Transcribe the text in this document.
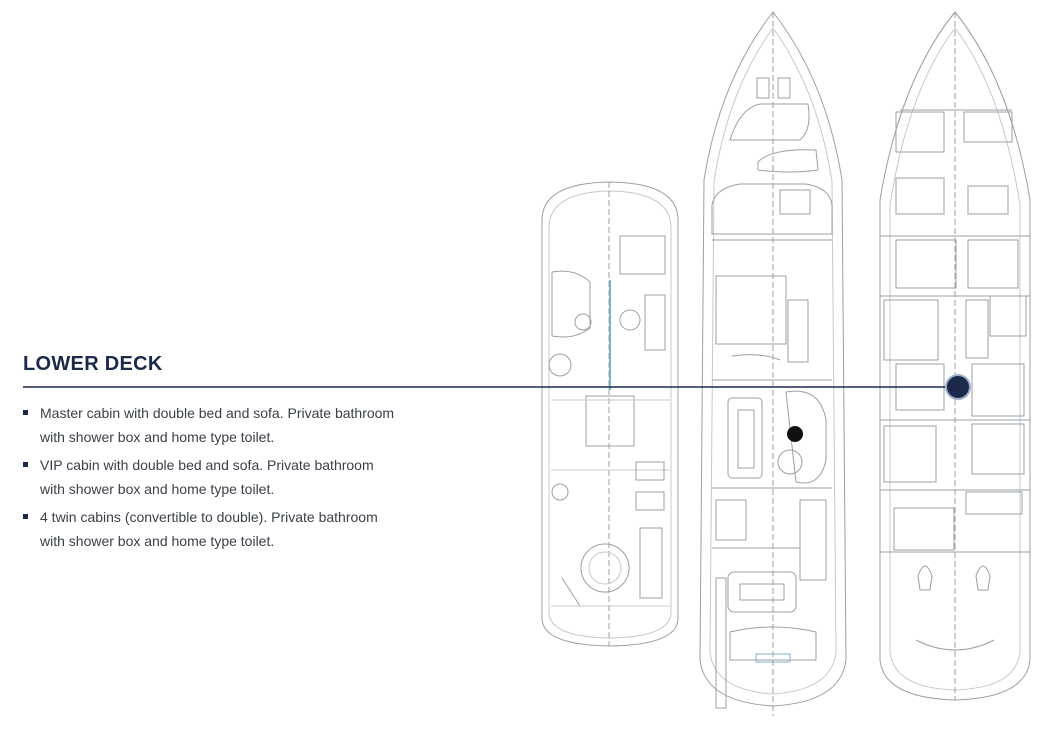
LOWER DECK
Master cabin with double bed and sofa. Private bathroom
with shower box and home type toilet.
VIP cabin with double bed and sofa. Private bathroom
with shower box and home type toilet.
4 twin cabins (convertible to double). Private bathroom
with shower box and home type toilet.
